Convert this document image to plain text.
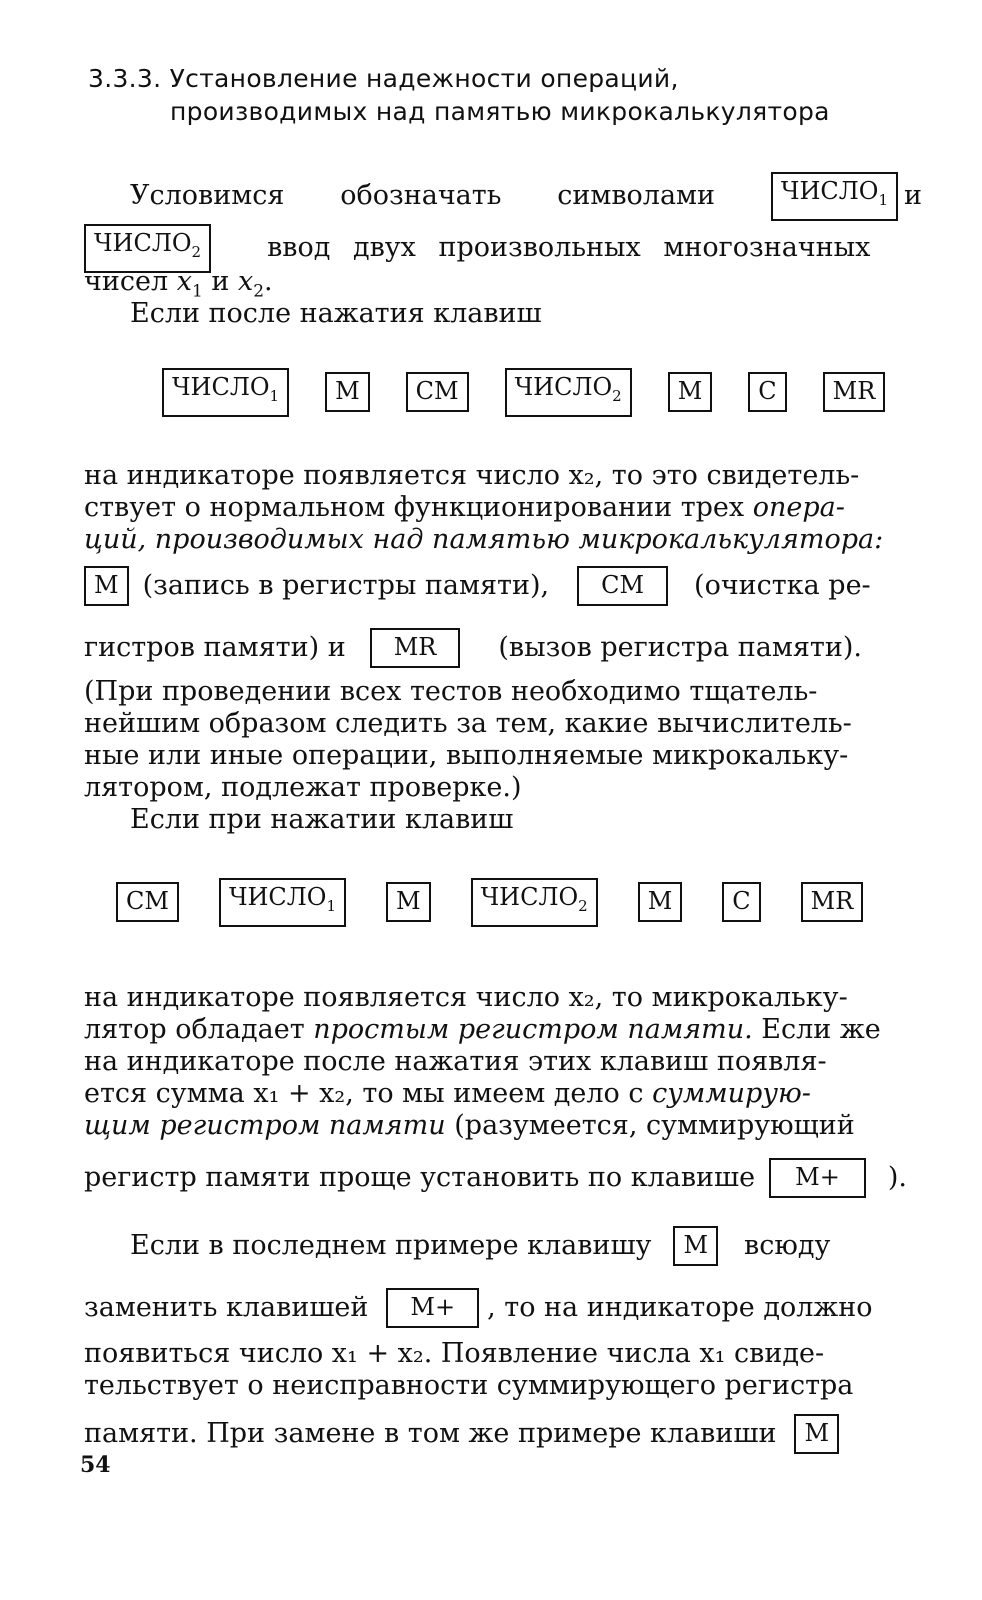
3.3.3. Установление надежности операций,
производимых над памятью микрокалькулятора
Условимся обозначать символами	$ЧИСЛО_1$ и
$ЧИСЛО_2$	ввод двух произвольных многозначных
чисел $x_1$ и $x_2$.
Если после нажатия клавиш
$ЧИСЛО_1$	М	СМ	$ЧИСЛО_2$	М	С	MR
на индикаторе появляется число x₂, то это свидетель-
ствует о нормальном функционировании трех опера-
ций, производимых над памятью микрокалькулятора:
М (запись в регистры памяти),	СМ	(очистка ре-
гистров памяти) и	MR	(вызов регистра памяти).
(При проведении всех тестов необходимо тщатель-
нейшим образом следить за тем, какие вычислитель-
ные или иные операции, выполняемые микрокальку-
лятором, подлежат проверке.)
Если при нажатии клавиш
СМ	$ЧИСЛО_1$	М	$ЧИСЛО_2$	М	С	MR
на индикаторе появляется число x₂, то микрокальку-
лятор обладает простым регистром памяти. Если же
на индикаторе после нажатия этих клавиш появля-
ется сумма x₁ + x₂, то мы имеем дело с суммирую-
щим регистром памяти (разумеется, суммирующий
регистр памяти проще установить по клавише	М+	).
Если в последнем примере клавишу	М	всюду
заменить клавишей	М+	, то на индикаторе должно
появиться число x₁ + x₂. Появление числа x₁ свиде-
тельствует о неисправности суммирующего регистра
памяти. При замене в том же примере клавиши	М
54
